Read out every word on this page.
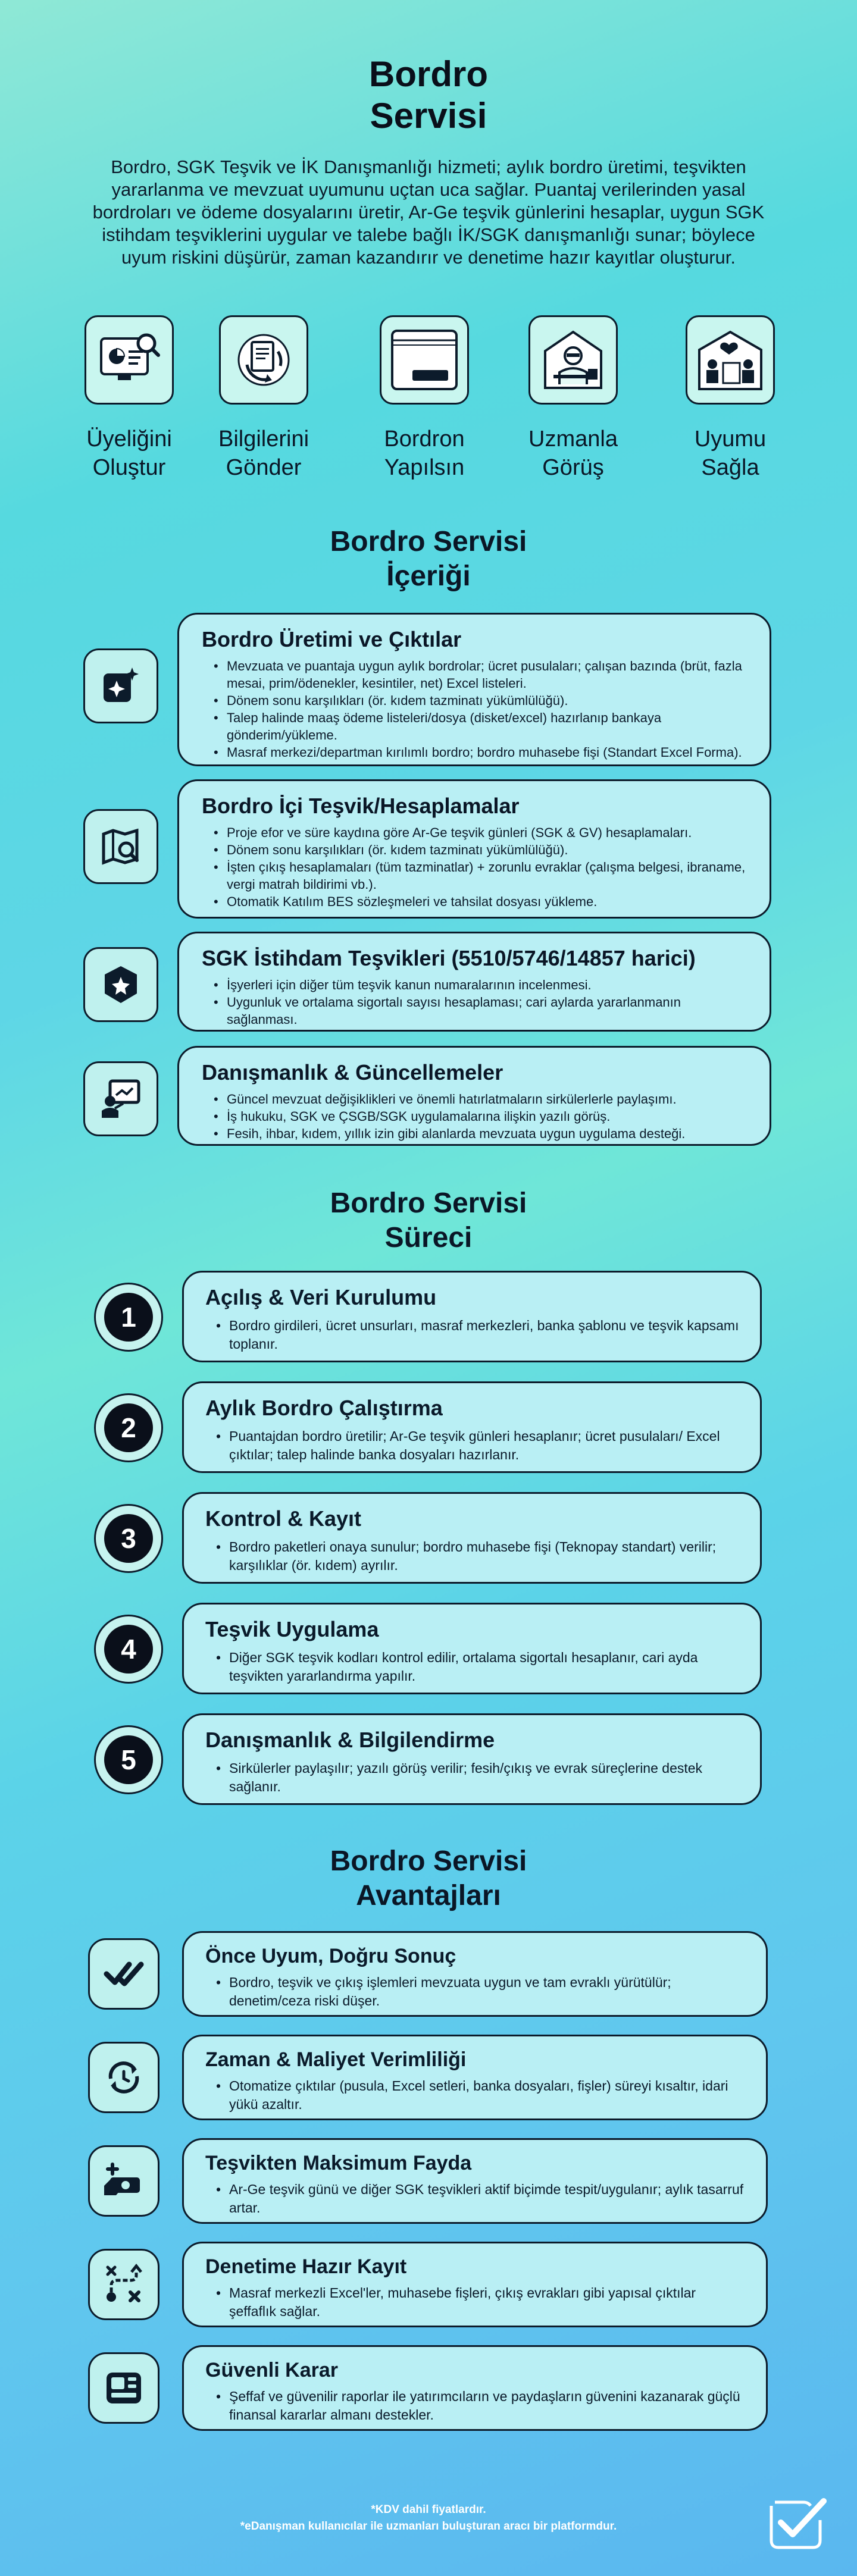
Bordro
Servisi

Bordro, SGK Teşvik ve İK Danışmanlığı hizmeti; aylık bordro üretimi, teşvikten yararlanma ve mevzuat uyumunu uçtan uca sağlar. Puantaj verilerinden yasal bordroları ve ödeme dosyalarını üretir, Ar-Ge teşvik günlerini hesaplar, uygun SGK istihdam teşviklerini uygular ve talebe bağlı İK/SGK danışmanlığı sunar; böylece uyum riskini düşürür, zaman kazandırır ve denetime hazır kayıtlar oluşturur.

Üyeliğini
Oluştur
Bilgilerini
Gönder
Bordron
Yapılsın
Uzmanla
Görüş
Uyumu
Sağla
Bordro Servisi
İçeriği
Bordro Üretimi ve Çıktılar
• Mevzuata ve puantaja uygun aylık bordrolar; ücret pusulaları; çalışan bazında (brüt, fazla mesai, prim/ödenekler, kesintiler, net) Excel listeleri.
• Dönem sonu karşılıkları (ör. kıdem tazminatı yükümlülüğü).
• Talep halinde maaş ödeme listeleri/dosya (disket/excel) hazırlanıp bankaya gönderim/yükleme.
• Masraf merkezi/departman kırılımlı bordro; bordro muhasebe fişi (Standart Excel Forma).
Bordro İçi Teşvik/Hesaplamalar
• Proje efor ve süre kaydına göre Ar-Ge teşvik günleri (SGK & GV) hesaplamaları.
• Dönem sonu karşılıkları (ör. kıdem tazminatı yükümlülüğü).
• İşten çıkış hesaplamaları (tüm tazminatlar) + zorunlu evraklar (çalışma belgesi, ibraname, vergi matrah bildirimi vb.).
• Otomatik Katılım BES sözleşmeleri ve tahsilat dosyası yükleme.
SGK İstihdam Teşvikleri (5510/5746/14857 harici)
• İşyerleri için diğer tüm teşvik kanun numaralarının incelenmesi.
• Uygunluk ve ortalama sigortalı sayısı hesaplaması; cari aylarda yararlanmanın sağlanması.
Danışmanlık & Güncellemeler
• Güncel mevzuat değişiklikleri ve önemli hatırlatmaların sirkülerlerle paylaşımı.
• İş hukuku, SGK ve ÇSGB/SGK uygulamalarına ilişkin yazılı görüş.
• Fesih, ihbar, kıdem, yıllık izin gibi alanlarda mevzuata uygun uygulama desteği.
Bordro Servisi
Süreci
1
Açılış & Veri Kurulumu
• Bordro girdileri, ücret unsurları, masraf merkezleri, banka şablonu ve teşvik kapsamı toplanır.
2
Aylık Bordro Çalıştırma
• Puantajdan bordro üretilir; Ar-Ge teşvik günleri hesaplanır; ücret pusulaları/ Excel çıktılar; talep halinde banka dosyaları hazırlanır.
3
Kontrol & Kayıt
• Bordro paketleri onaya sunulur; bordro muhasebe fişi (Teknopay standart) verilir; karşılıklar (ör. kıdem) ayrılır.
4
Teşvik Uygulama
• Diğer SGK teşvik kodları kontrol edilir, ortalama sigortalı hesaplanır, cari ayda teşvikten yararlandırma yapılır.
5
Danışmanlık & Bilgilendirme
• Sirkülerler paylaşılır; yazılı görüş verilir; fesih/çıkış ve evrak süreçlerine destek sağlanır.
Bordro Servisi
Avantajları
Önce Uyum, Doğru Sonuç
• Bordro, teşvik ve çıkış işlemleri mevzuata uygun ve tam evraklı yürütülür; denetim/ceza riski düşer.
Zaman & Maliyet Verimliliği
• Otomatize çıktılar (pusula, Excel setleri, banka dosyaları, fişler) süreyi kısaltır, idari yükü azaltır.
Teşvikten Maksimum Fayda
• Ar-Ge teşvik günü ve diğer SGK teşvikleri aktif biçimde tespit/uygulanır; aylık tasarruf artar.
Denetime Hazır Kayıt
• Masraf merkezli Excel'ler, muhasebe fişleri, çıkış evrakları gibi yapısal çıktılar şeffaflık sağlar.
Güvenli Karar
• Şeffaf ve güvenilir raporlar ile yatırımcıların ve paydaşların güvenini kazanarak güçlü finansal kararlar almanı destekler.
*KDV dahil fiyatlardır.
*eDanışman kullanıcılar ile uzmanları buluşturan aracı bir platformdur.
